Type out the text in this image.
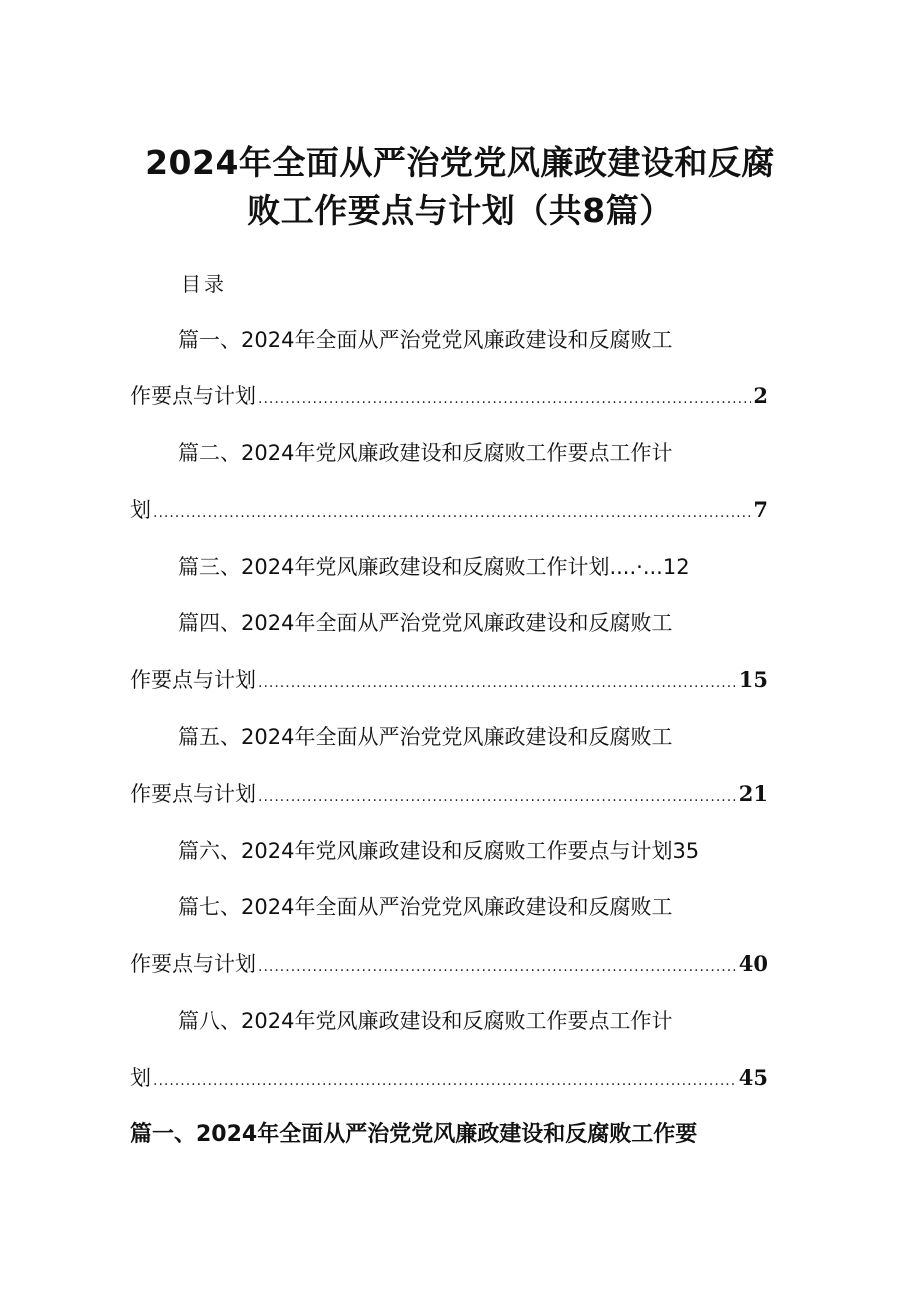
2024年全面从严治党党风廉政建设和反腐
败工作要点与计划（共8篇）
目录
篇一、2024年全面从严治党党风廉政建设和反腐败工
作要点与计划 .....	2
篇二、2024年党风廉政建设和反腐败工作要点工作计
划 .....	7
篇三、2024年党风廉政建设和反腐败工作计划....·...12
篇四、2024年全面从严治党党风廉政建设和反腐败工
作要点与计划 .....	15
篇五、2024年全面从严治党党风廉政建设和反腐败工
作要点与计划 .....	21
篇六、2024年党风廉政建设和反腐败工作要点与计划35
篇七、2024年全面从严治党党风廉政建设和反腐败工
作要点与计划 .....	40
篇八、2024年党风廉政建设和反腐败工作要点工作计
划 .....	45
篇一、2024年全面从严治党党风廉政建设和反腐败工作要
